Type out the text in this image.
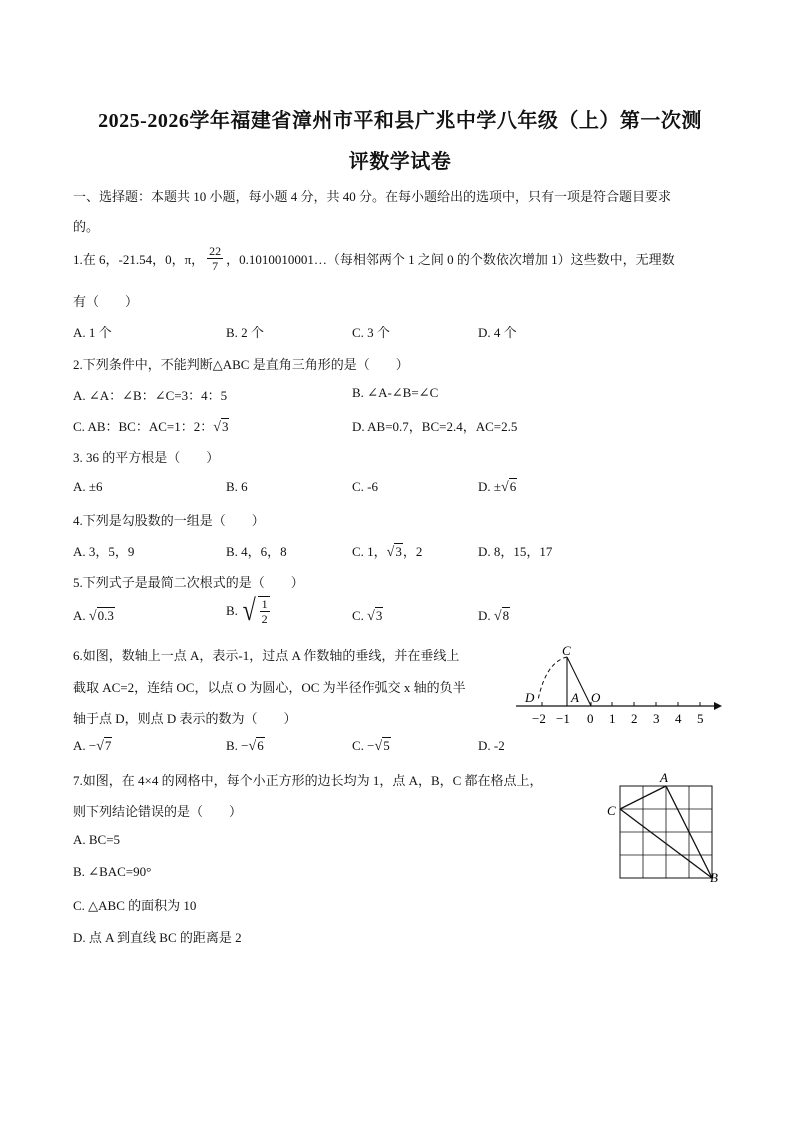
2025-2026学年福建省漳州市平和县广兆中学八年级（上）第一次测
评数学试卷
一、选择题：本题共 10 小题，每小题 4 分，共 40 分。在每小题给出的选项中，只有一项是符合题目要求
的。
1.在 6，-21.54，0，π， $\frac{22}{7}$ ，0.1010010001…（每相邻两个 1 之间 0 的个数依次增加 1）这些数中，无理数
有（　　）
A. 1 个	B. 2 个	C. 3 个	D. 4 个
2.下列条件中，不能判断△ABC 是直角三角形的是（　　）
A. ∠A：∠B：∠C=3：4：5	B. ∠A-∠B=∠C
C. AB：BC：AC=1：2：√3	D. AB=0.7，BC=2.4，AC=2.5
3. 36 的平方根是（　　）
A. ±6	B. 6	C. -6	D. ±√6
4.下列是勾股数的一组是（　　）
A. 3，5，9	B. 4，6，8	C. 1，√3，2	D. 8，15，17
5.下列式子是最简二次根式的是（　　）
A. √0.3	B.
√ $\frac{1}{2}$	C. √3	D. √8
6.如图，数轴上一点 A，表示-1，过点 A 作数轴的垂线，并在垂线上
截取 AC=2，连结 OC，以点 O 为圆心，OC 为半径作弧交 x 轴的负半
轴于点 D，则点 D 表示的数为（　　）
A. −√7	B. −√6	C. −√5	D. -2
C
D	A O
−2 −1 0 1 2 3 4 5
7.如图，在 4×4 的网格中，每个小正方形的边长均为 1，点 A，B，C 都在格点上，
则下列结论错误的是（　　）
A. BC=5
B. ∠BAC=90°
C. △ABC 的面积为 10
D. 点 A 到直线 BC 的距离是 2
A
C
B
